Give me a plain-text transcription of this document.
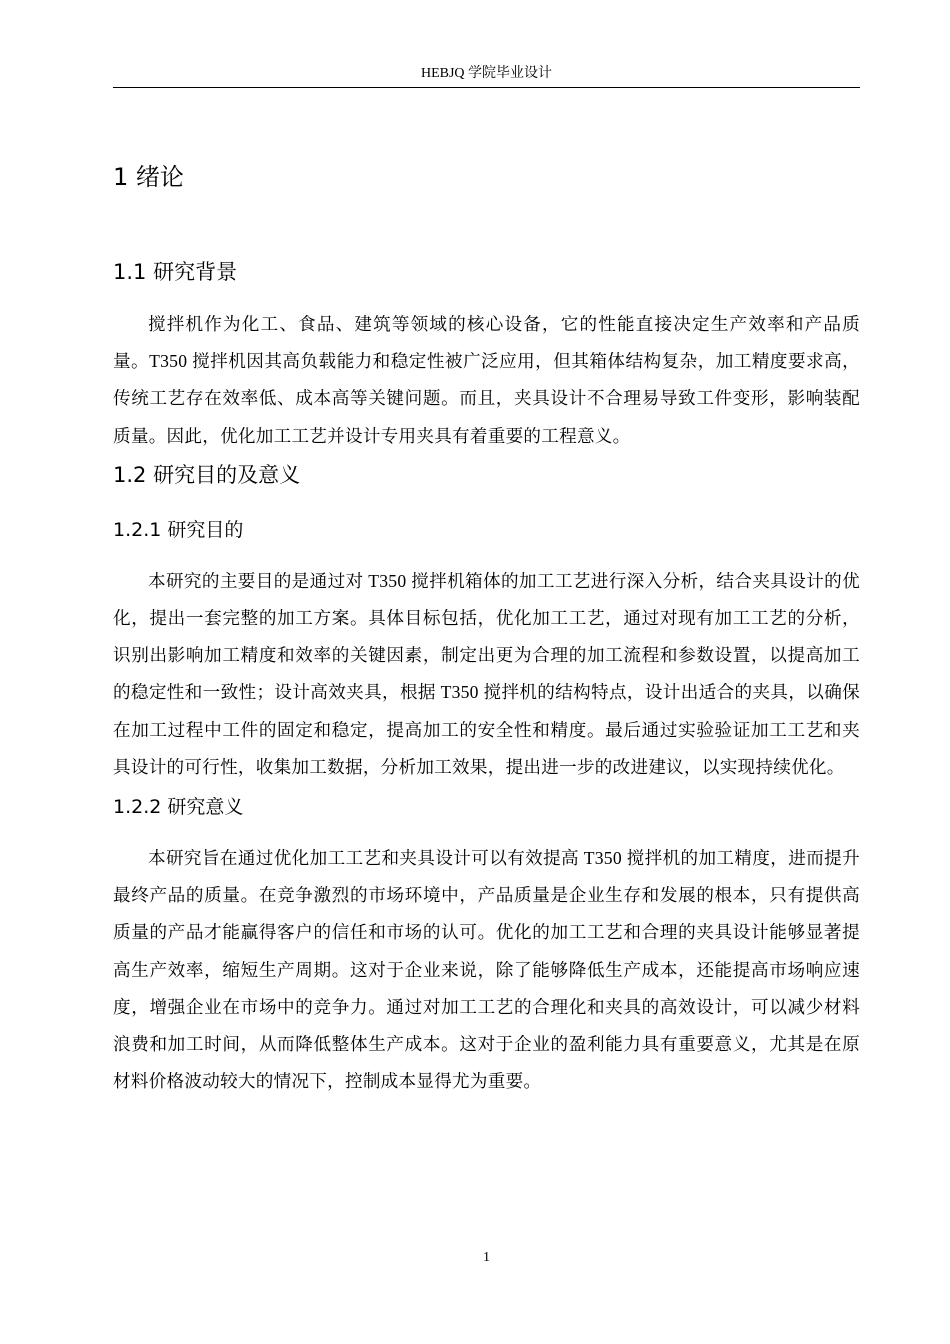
HEBJQ 学院毕业设计
1 绪论
1.1 研究背景

搅拌机作为化工、食品、建筑等领域的核心设备，它的性能直接决定生产效率和产品质量。T350 搅拌机因其高负载能力和稳定性被广泛应用，但其箱体结构复杂，加工精度要求高，传统工艺存在效率低、成本高等关键问题。而且，夹具设计不合理易导致工件变形，影响装配质量。因此，优化加工工艺并设计专用夹具有着重要的工程意义。

1.2 研究目的及意义
1.2.1 研究目的

本研究的主要目的是通过对 T350 搅拌机箱体的加工工艺进行深入分析，结合夹具设计的优化，提出一套完整的加工方案。具体目标包括，优化加工工艺，通过对现有加工工艺的分析，识别出影响加工精度和效率的关键因素，制定出更为合理的加工流程和参数设置，以提高加工的稳定性和一致性；设计高效夹具，根据 T350 搅拌机的结构特点，设计出适合的夹具，以确保在加工过程中工件的固定和稳定，提高加工的安全性和精度。最后通过实验验证加工工艺和夹具设计的可行性，收集加工数据，分析加工效果，提出进一步的改进建议，以实现持续优化。

1.2.2 研究意义

本研究旨在通过优化加工工艺和夹具设计可以有效提高 T350 搅拌机的加工精度，进而提升最终产品的质量。在竞争激烈的市场环境中，产品质量是企业生存和发展的根本，只有提供高质量的产品才能赢得客户的信任和市场的认可。优化的加工工艺和合理的夹具设计能够显著提高生产效率，缩短生产周期。这对于企业来说，除了能够降低生产成本，还能提高市场响应速度，增强企业在市场中的竞争力。通过对加工工艺的合理化和夹具的高效设计，可以减少材料浪费和加工时间，从而降低整体生产成本。这对于企业的盈利能力具有重要意义，尤其是在原材料价格波动较大的情况下，控制成本显得尤为重要。

1
